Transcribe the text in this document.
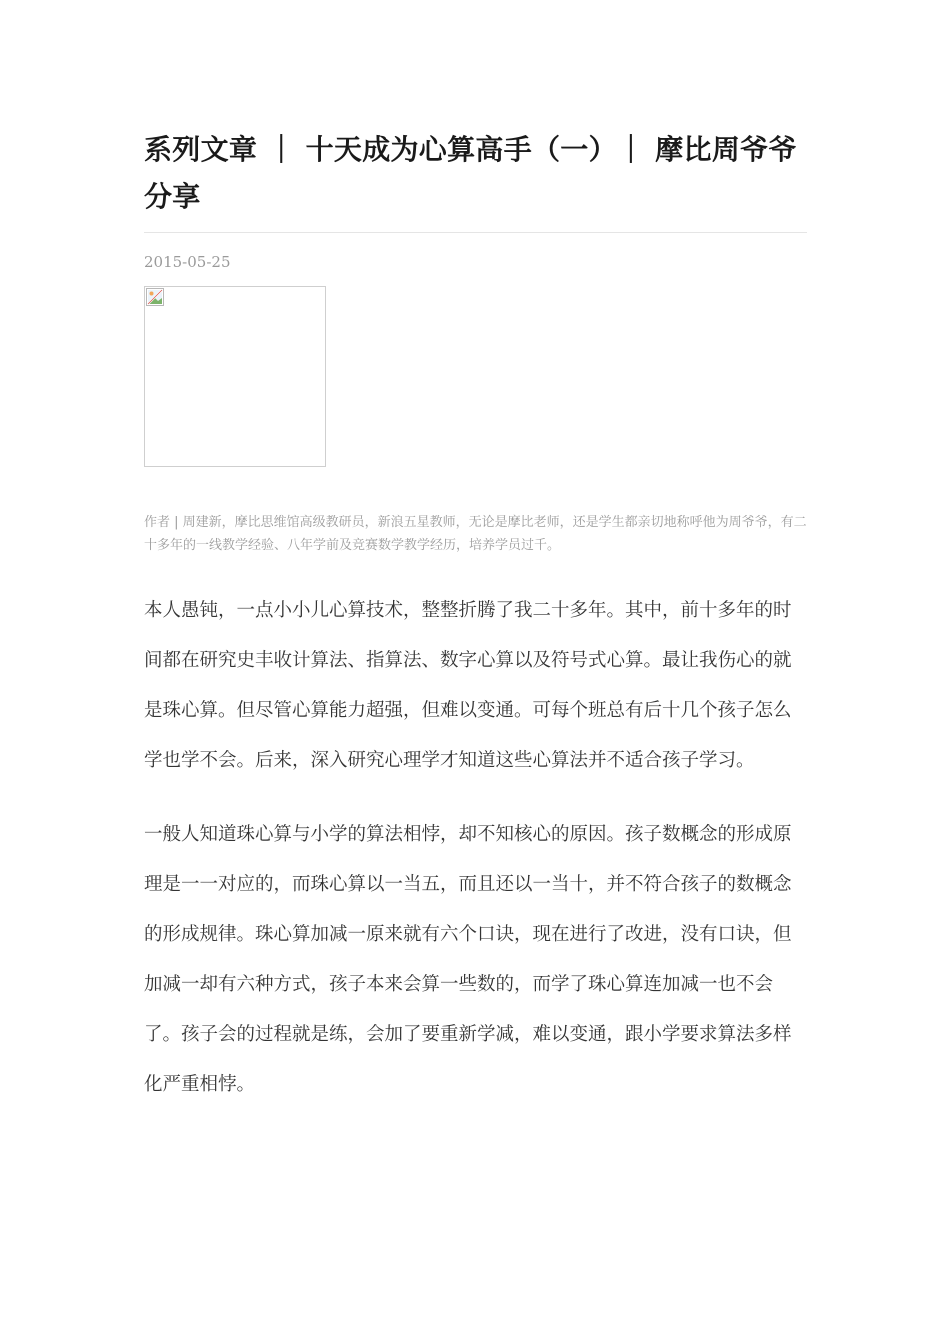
系列文章 ｜ 十天成为心算高手（一）｜ 摩比周爷爷分享
2015-05-25
作者 | 周建新，摩比思维馆高级教研员，新浪五星教师，无论是摩比老师，还是学生都亲切地称呼他为周爷爷，有二十多年的一线教学经验、八年学前及竞赛数学教学经历，培养学员过千。

本人愚钝，一点小小儿心算技术，整整折腾了我二十多年。其中，前十多年的时间都在研究史丰收计算法、指算法、数字心算以及符号式心算。最让我伤心的就是珠心算。但尽管心算能力超强，但难以变通。可每个班总有后十几个孩子怎么学也学不会。后来，深入研究心理学才知道这些心算法并不适合孩子学习。

一般人知道珠心算与小学的算法相悖，却不知核心的原因。孩子数概念的形成原理是一一对应的，而珠心算以一当五，而且还以一当十，并不符合孩子的数概念的形成规律。珠心算加减一原来就有六个口诀，现在进行了改进，没有口诀，但加减一却有六种方式，孩子本来会算一些数的，而学了珠心算连加减一也不会了。孩子会的过程就是练，会加了要重新学减，难以变通，跟小学要求算法多样化严重相悖。
